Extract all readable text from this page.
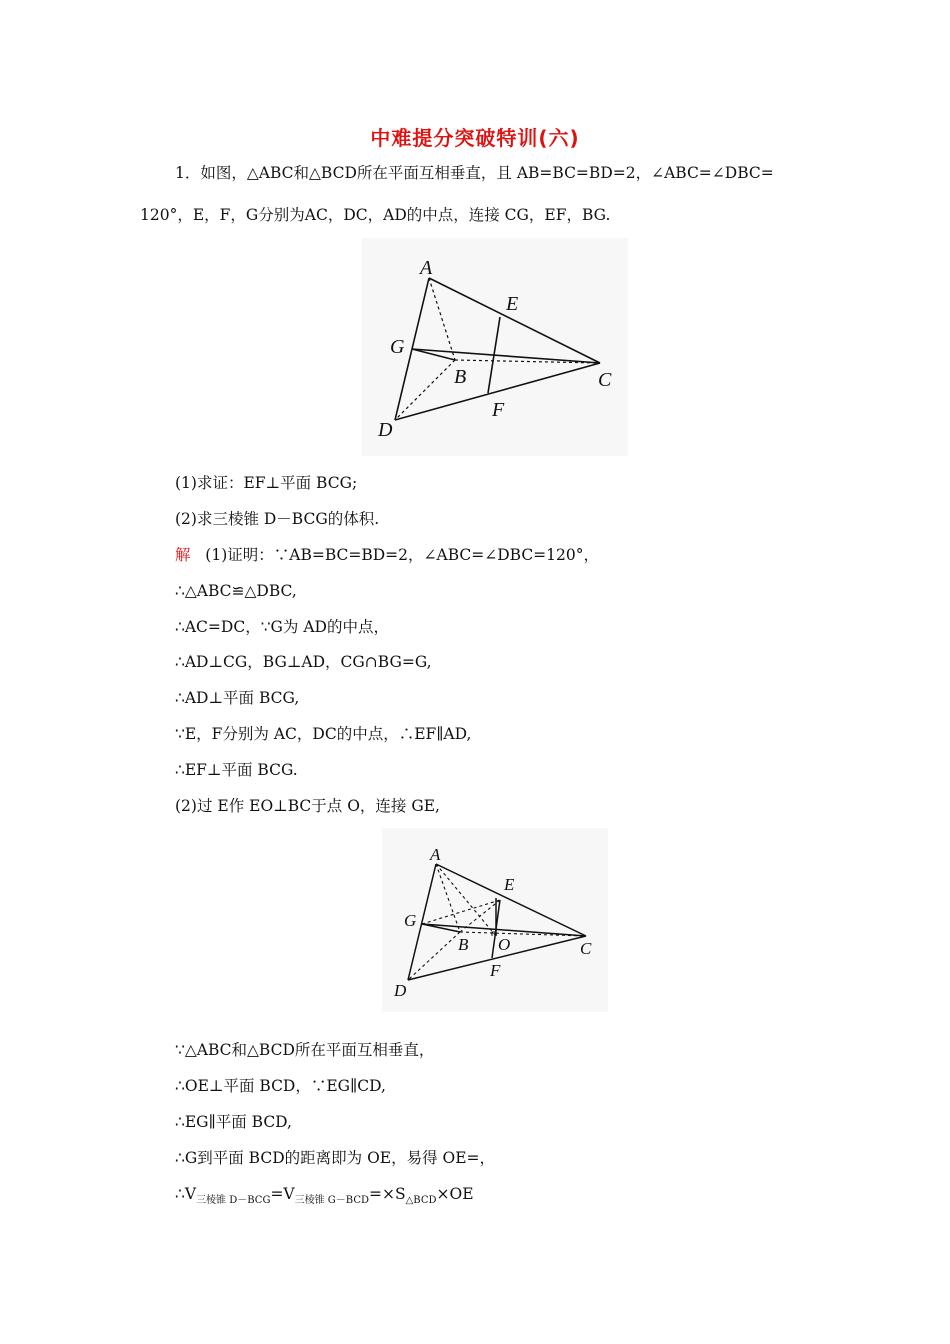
中难提分突破特训(六)
1．如图，△ABC和△BCD所在平面互相垂直，且 AB=BC=BD=2，∠ABC=∠DBC=
120°，E，F，G分别为AC，DC，AD的中点，连接 CG，EF，BG.
A
E
G
B	C
F
D
(1)求证：EF⊥平面 BCG;
(2)求三棱锥 D－BCG的体积.
解 (1)证明：∵AB=BC=BD=2，∠ABC=∠DBC=120°，
∴△ABC≌△DBC,
∴AC=DC，∵G为 AD的中点，
∴AD⊥CG，BG⊥AD，CG∩BG=G,
∴AD⊥平面 BCG,
∵E，F分别为 AC，DC的中点，∴EF∥AD,
∴EF⊥平面 BCG.
(2)过 E作 EO⊥BC于点 O，连接 GE,
A
E
G
B O	C
F
D
∵△ABC和△BCD所在平面互相垂直，
∴OE⊥平面 BCD，∵EG∥CD,
∴EG∥平面 BCD,
∴G到平面 BCD的距离即为 OE，易得 OE=，
$\therefore V_{三棱锥 D-BCG}=V_{三棱锥 G-BCD}=\times S_{\triangle BCD}\times OE$
